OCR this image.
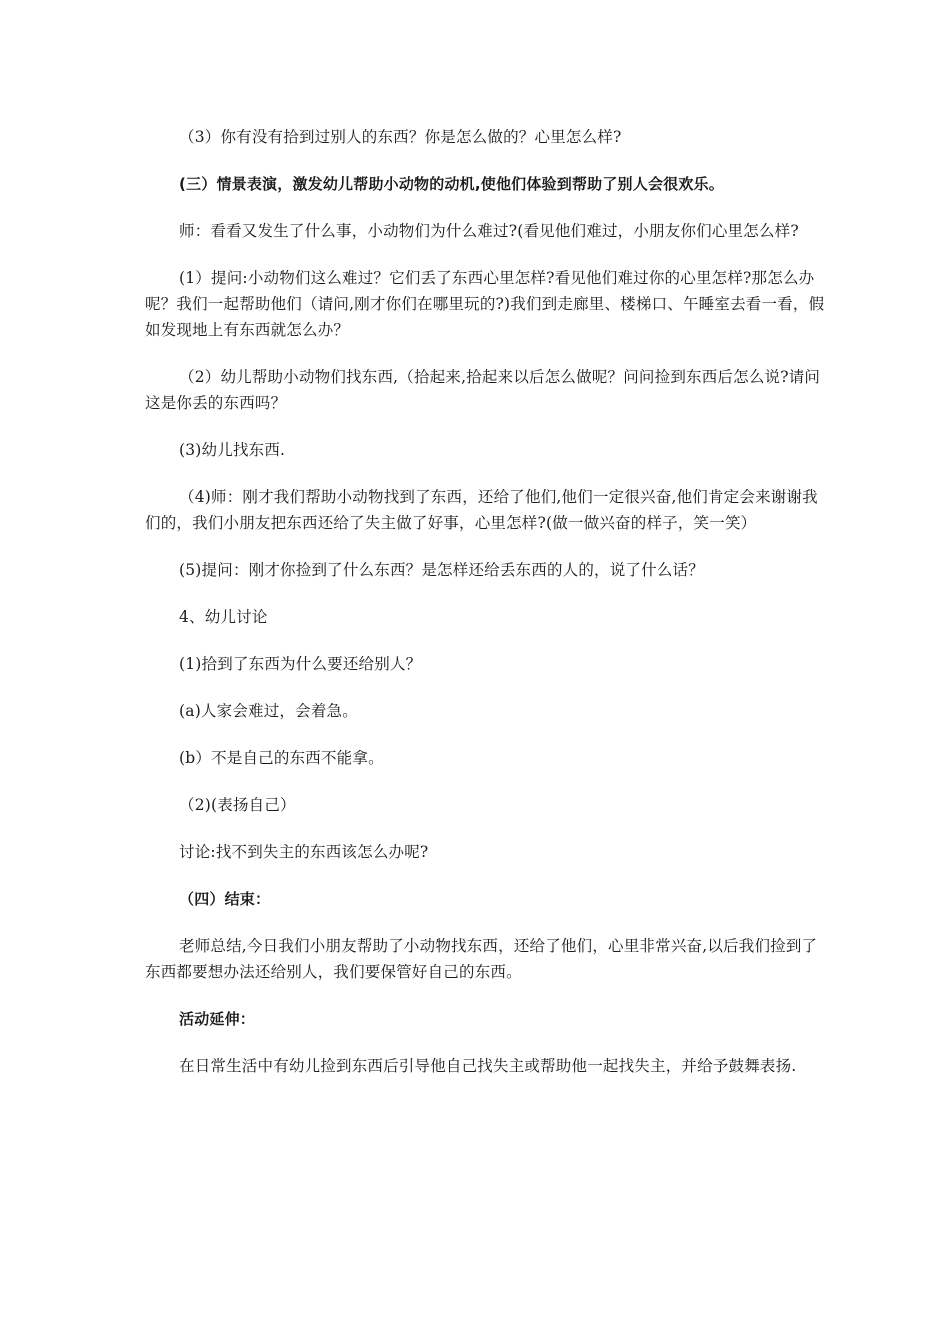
（3）你有没有拾到过别人的东西？你是怎么做的？心里怎么样?

(三）情景表演，激发幼儿帮助小动物的动机,使他们体验到帮助了别人会很欢乐。

师：看看又发生了什么事，小动物们为什么难过?(看见他们难过，小朋友你们心里怎么样?

(1）提问:小动物们这么难过？它们丢了东西心里怎样?看见他们难过你的心里怎样?那怎么办呢？我们一起帮助他们（请问,刚才你们在哪里玩的?)我们到走廊里、楼梯口、午睡室去看一看，假如发现地上有东西就怎么办？

（2）幼儿帮助小动物们找东西,（拾起来,拾起来以后怎么做呢？问问捡到东西后怎么说?请问这是你丢的东西吗？

(3)幼儿找东西.

（4)师：刚才我们帮助小动物找到了东西，还给了他们,他们一定很兴奋,他们肯定会来谢谢我们的，我们小朋友把东西还给了失主做了好事，心里怎样?(做一做兴奋的样子，笑一笑）

(5)提问：刚才你捡到了什么东西？是怎样还给丢东西的人的，说了什么话？

4、幼儿讨论

(1)拾到了东西为什么要还给别人？

(a)人家会难过，会着急。

(b）不是自己的东西不能拿。

（2)(表扬自己）

讨论:找不到失主的东西该怎么办呢?

（四）结束：

老师总结,今日我们小朋友帮助了小动物找东西，还给了他们，心里非常兴奋,以后我们捡到了东西都要想办法还给别人，我们要保管好自己的东西。

活动延伸：

在日常生活中有幼儿捡到东西后引导他自己找失主或帮助他一起找失主，并给予鼓舞表扬.
